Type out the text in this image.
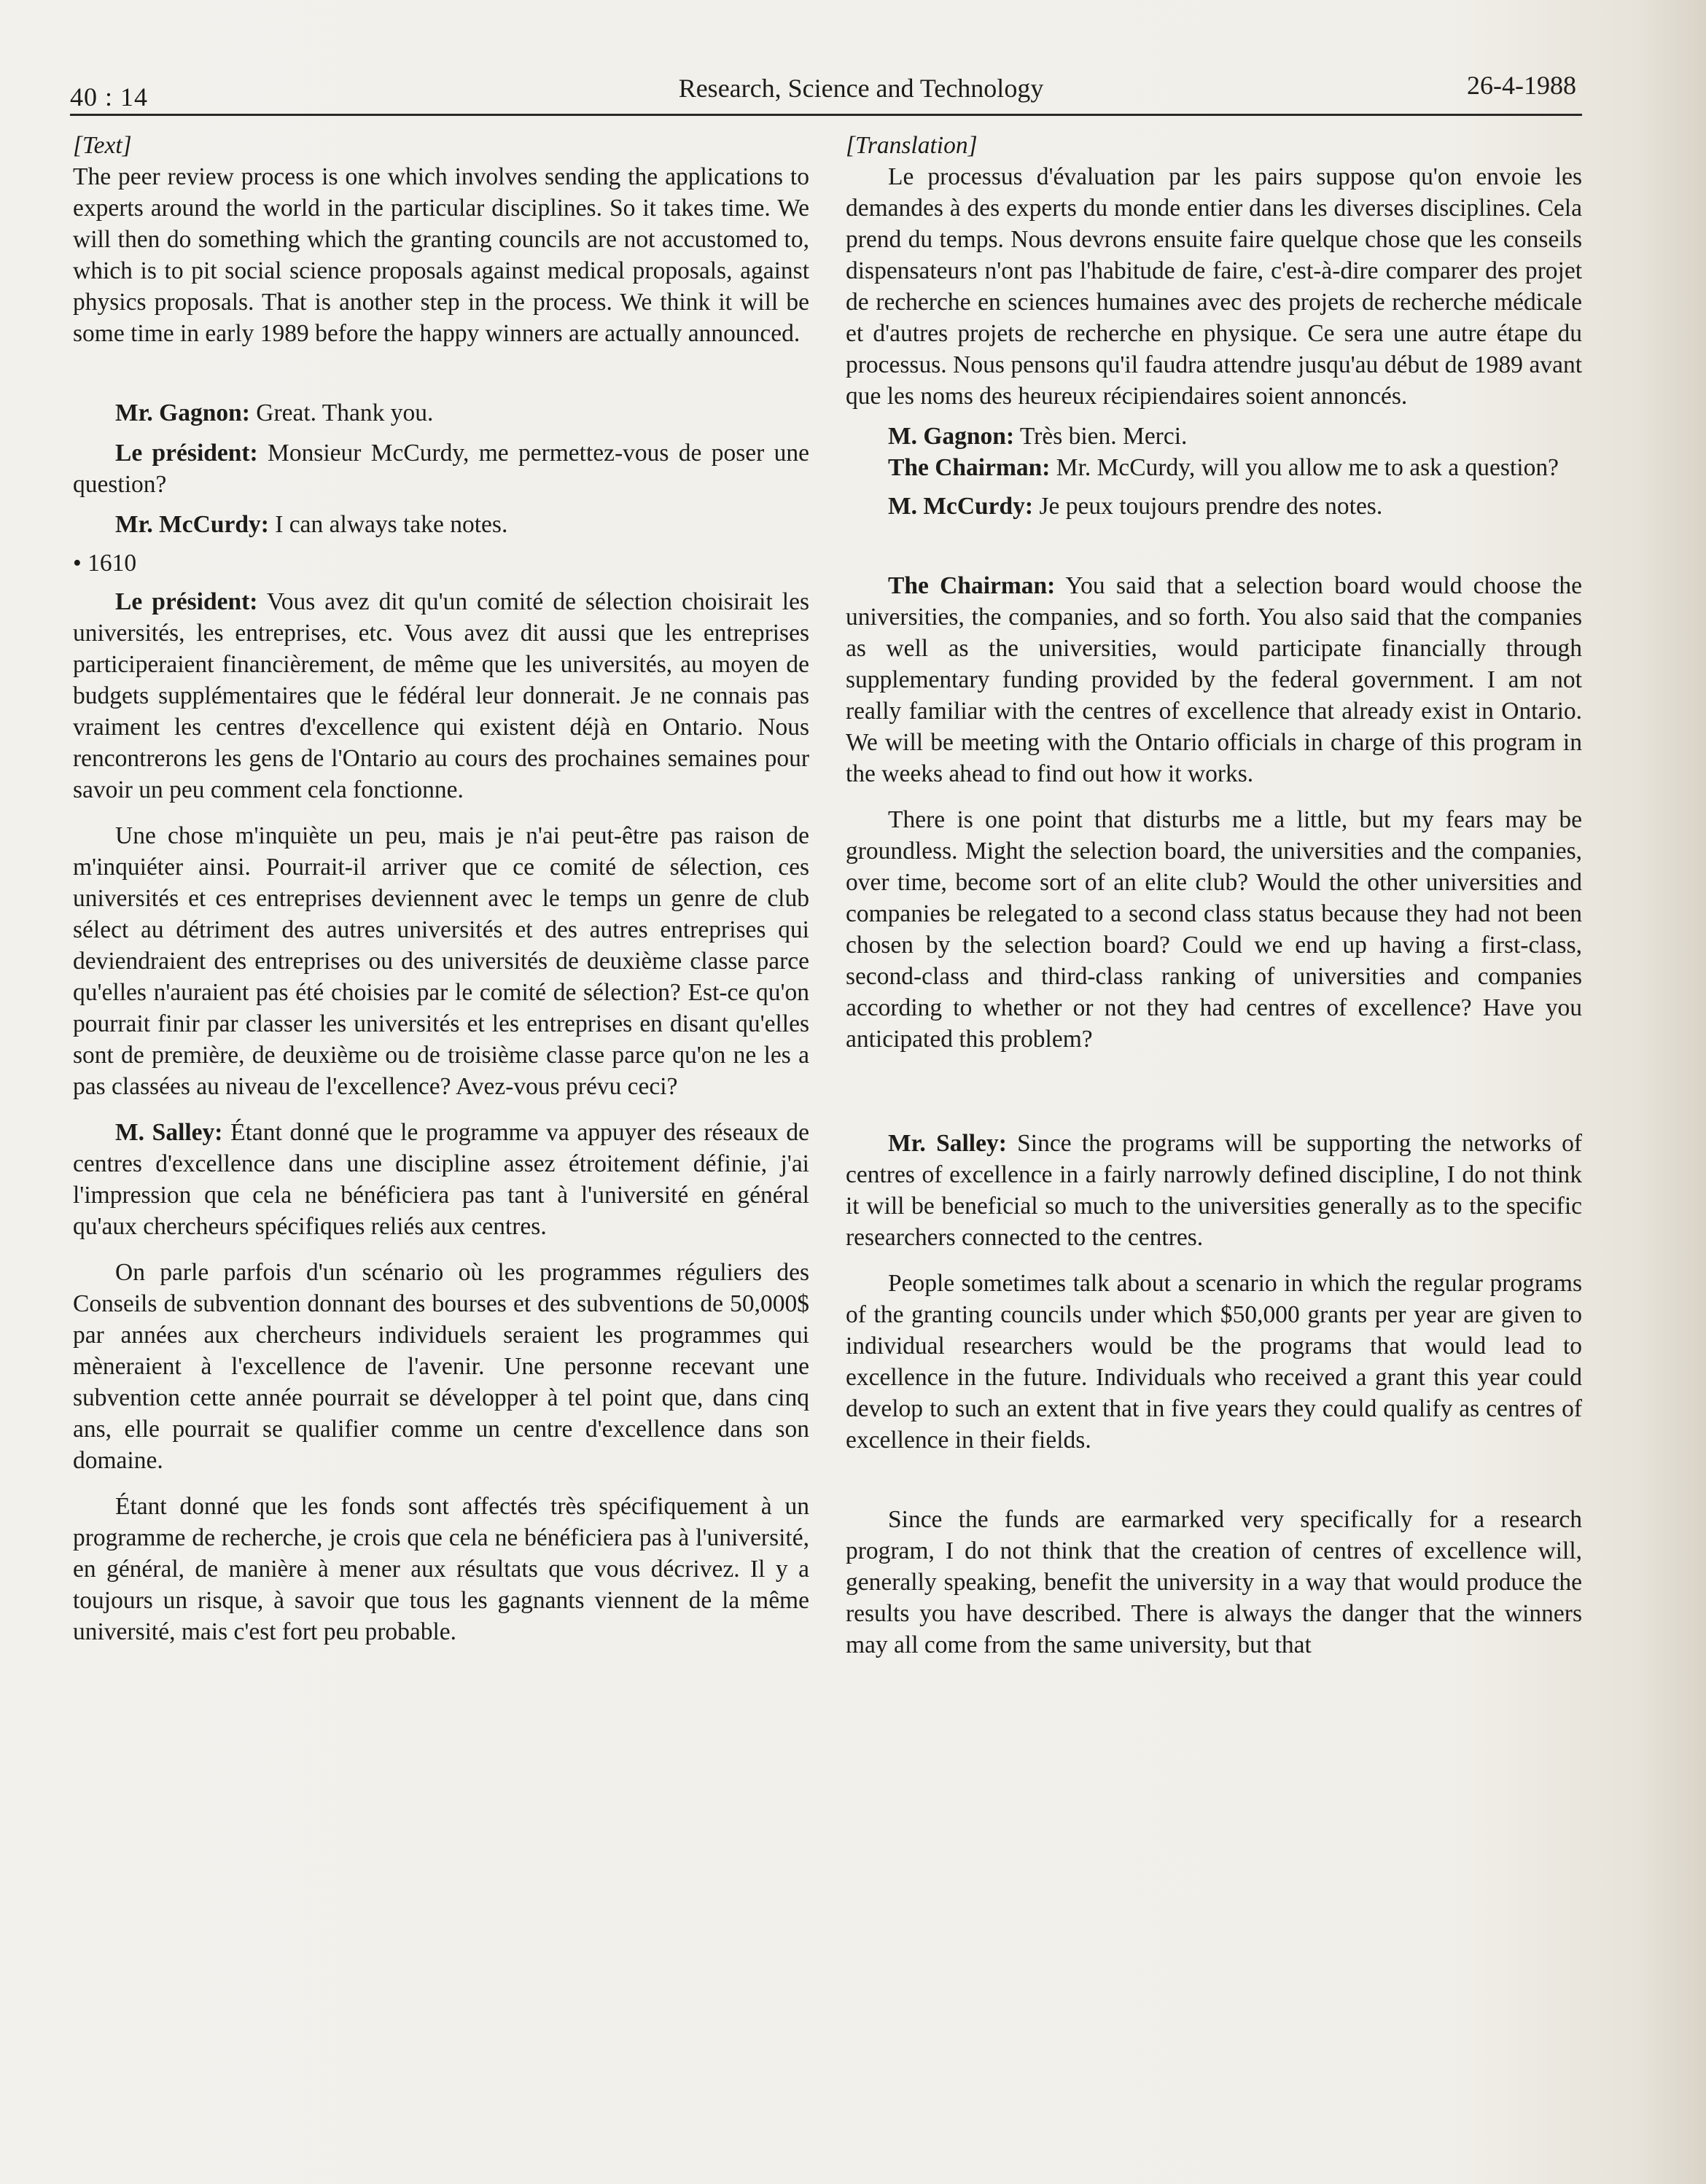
40 : 14	Research, Science and Technology	26-4-1988

[Text]

The peer review process is one which involves sending the applications to experts around the world in the particular disciplines. So it takes time. We will then do something which the granting councils are not accustomed to, which is to pit social science proposals against medical proposals, against physics proposals. That is another step in the process. We think it will be some time in early 1989 before the happy winners are actually announced.

Mr. Gagnon: Great. Thank you.

Le président: Monsieur McCurdy, me permettez-vous de poser une question?

Mr. McCurdy: I can always take notes.

• 1610

Le président: Vous avez dit qu'un comité de sélection choisirait les universités, les entreprises, etc. Vous avez dit aussi que les entreprises participeraient financièrement, de même que les universités, au moyen de budgets supplémentaires que le fédéral leur donnerait. Je ne connais pas vraiment les centres d'excellence qui existent déjà en Ontario. Nous rencontrerons les gens de l'Ontario au cours des prochaines semaines pour savoir un peu comment cela fonctionne.

Une chose m'inquiète un peu, mais je n'ai peut-être pas raison de m'inquiéter ainsi. Pourrait-il arriver que ce comité de sélection, ces universités et ces entreprises deviennent avec le temps un genre de club sélect au détriment des autres universités et des autres entreprises qui deviendraient des entreprises ou des universités de deuxième classe parce qu'elles n'auraient pas été choisies par le comité de sélection? Est-ce qu'on pourrait finir par classer les universités et les entreprises en disant qu'elles sont de première, de deuxième ou de troisième classe parce qu'on ne les a pas classées au niveau de l'excellence? Avez-vous prévu ceci?

M. Salley: Étant donné que le programme va appuyer des réseaux de centres d'excellence dans une discipline assez étroitement définie, j'ai l'impression que cela ne bénéficiera pas tant à l'université en général qu'aux chercheurs spécifiques reliés aux centres.

On parle parfois d'un scénario où les programmes réguliers des Conseils de subvention donnant des bourses et des subventions de 50,000$ par années aux chercheurs individuels seraient les programmes qui mèneraient à l'excellence de l'avenir. Une personne recevant une subvention cette année pourrait se développer à tel point que, dans cinq ans, elle pourrait se qualifier comme un centre d'excellence dans son domaine.

Étant donné que les fonds sont affectés très spécifiquement à un programme de recherche, je crois que cela ne bénéficiera pas à l'université, en général, de manière à mener aux résultats que vous décrivez. Il y a toujours un risque, à savoir que tous les gagnants viennent de la même université, mais c'est fort peu probable.

[Translation]

Le processus d'évaluation par les pairs suppose qu'on envoie les demandes à des experts du monde entier dans les diverses disciplines. Cela prend du temps. Nous devrons ensuite faire quelque chose que les conseils dispensateurs n'ont pas l'habitude de faire, c'est-à-dire comparer des projet de recherche en sciences humaines avec des projets de recherche médicale et d'autres projets de recherche en physique. Ce sera une autre étape du processus. Nous pensons qu'il faudra attendre jusqu'au début de 1989 avant que les noms des heureux récipiendaires soient annoncés.

M. Gagnon: Très bien. Merci.

The Chairman: Mr. McCurdy, will you allow me to ask a question?

M. McCurdy: Je peux toujours prendre des notes.

The Chairman: You said that a selection board would choose the universities, the companies, and so forth. You also said that the companies as well as the universities, would participate financially through supplementary funding provided by the federal government. I am not really familiar with the centres of excellence that already exist in Ontario. We will be meeting with the Ontario officials in charge of this program in the weeks ahead to find out how it works.

There is one point that disturbs me a little, but my fears may be groundless. Might the selection board, the universities and the companies, over time, become sort of an elite club? Would the other universities and companies be relegated to a second class status because they had not been chosen by the selection board? Could we end up having a first-class, second-class and third-class ranking of universities and companies according to whether or not they had centres of excellence? Have you anticipated this problem?

Mr. Salley: Since the programs will be supporting the networks of centres of excellence in a fairly narrowly defined discipline, I do not think it will be beneficial so much to the universities generally as to the specific researchers connected to the centres.

People sometimes talk about a scenario in which the regular programs of the granting councils under which $50,000 grants per year are given to individual researchers would be the programs that would lead to excellence in the future. Individuals who received a grant this year could develop to such an extent that in five years they could qualify as centres of excellence in their fields.

Since the funds are earmarked very specifically for a research program, I do not think that the creation of centres of excellence will, generally speaking, benefit the university in a way that would produce the results you have described. There is always the danger that the winners may all come from the same university, but that
